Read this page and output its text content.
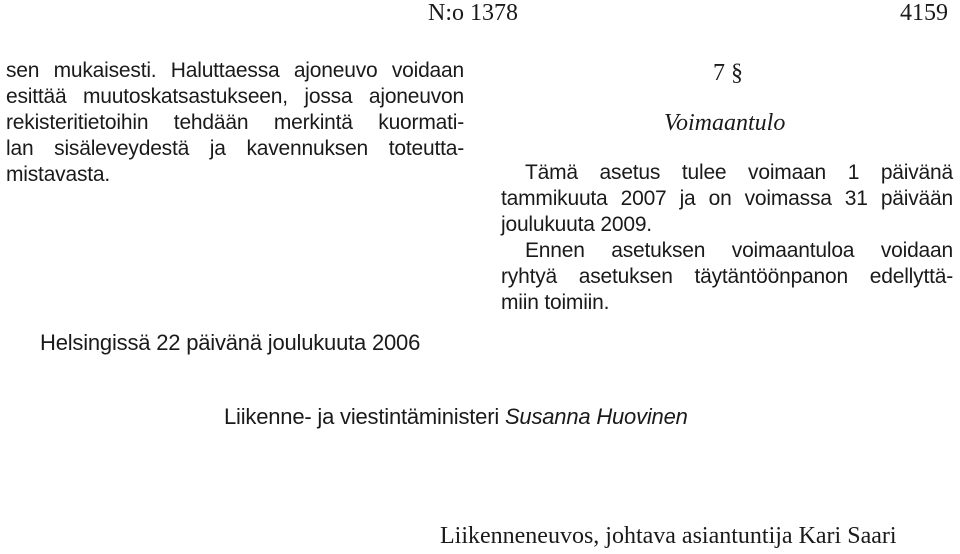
N:o 1378	4159
sen mukaisesti. Haluttaessa ajoneuvo voidaan
esittää muutoskatsastukseen, jossa ajoneuvon
rekisteritietoihin tehdään merkintä kuormati-
lan sisäleveydestä ja kavennuksen toteutta-
mistavasta.
7 §
Voimaantulo
Tämä asetus tulee voimaan 1 päivänä
tammikuuta 2007 ja on voimassa 31 päivään
joulukuuta 2009.
Ennen asetuksen voimaantuloa voidaan
ryhtyä asetuksen täytäntöönpanon edellyttä-
miin toimiin.
Helsingissä 22 päivänä joulukuuta 2006
Liikenne- ja viestintäministeri Susanna Huovinen
Liikenneneuvos, johtava asiantuntija Kari Saari
